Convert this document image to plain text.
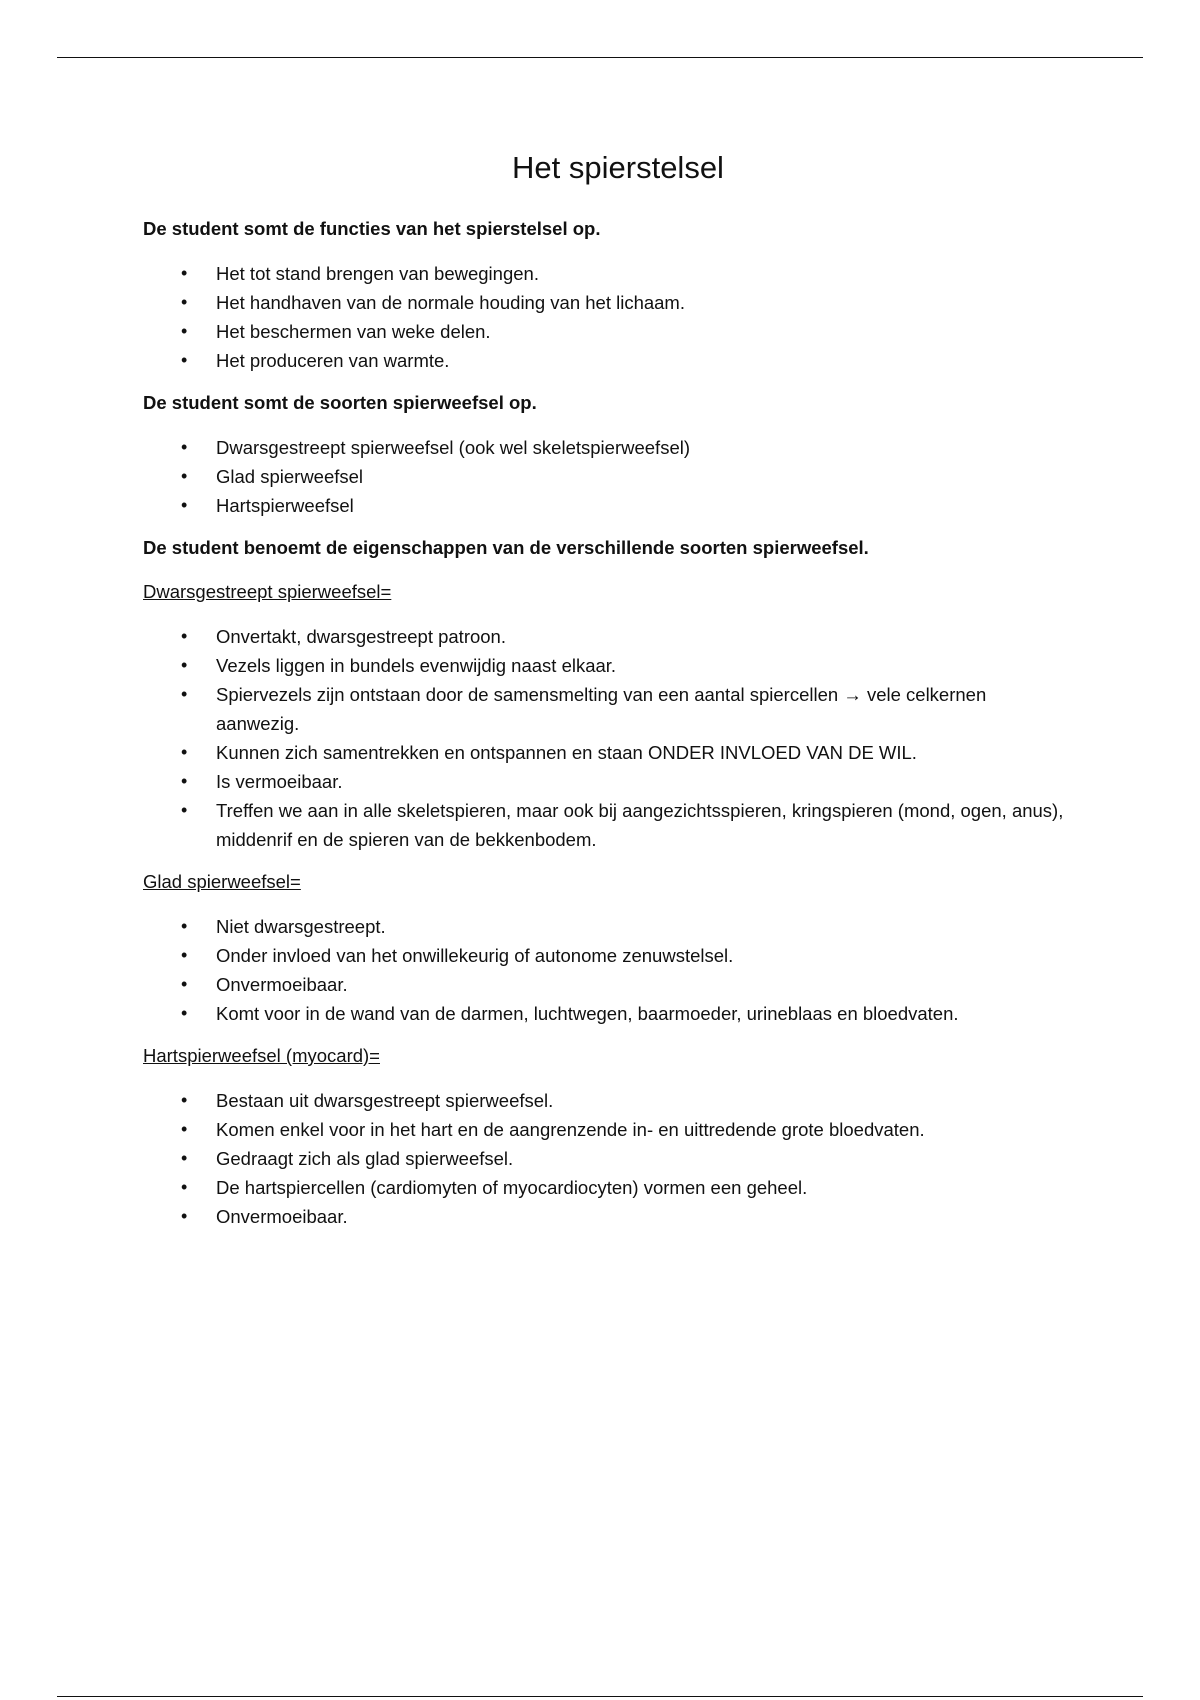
Het spierstelsel
De student somt de functies van het spierstelsel op.
• Het tot stand brengen van bewegingen.
• Het handhaven van de normale houding van het lichaam.
• Het beschermen van weke delen.
• Het produceren van warmte.
De student somt de soorten spierweefsel op.
• Dwarsgestreept spierweefsel (ook wel skeletspierweefsel)
• Glad spierweefsel
• Hartspierweefsel
De student benoemt de eigenschappen van de verschillende soorten spierweefsel.
Dwarsgestreept spierweefsel=
• Onvertakt, dwarsgestreept patroon.
• Vezels liggen in bundels evenwijdig naast elkaar.
• Spiervezels zijn ontstaan door de samensmelting van een aantal spiercellen → vele celkernen aanwezig.
• Kunnen zich samentrekken en ontspannen en staan ONDER INVLOED VAN DE WIL.
• Is vermoeibaar.
• Treffen we aan in alle skeletspieren, maar ook bij aangezichtsspieren, kringspieren (mond, ogen, anus), middenrif en de spieren van de bekkenbodem.
Glad spierweefsel=
• Niet dwarsgestreept.
• Onder invloed van het onwillekeurig of autonome zenuwstelsel.
• Onvermoeibaar.
• Komt voor in de wand van de darmen, luchtwegen, baarmoeder, urineblaas en bloedvaten.
Hartspierweefsel (myocard)=
• Bestaan uit dwarsgestreept spierweefsel.
• Komen enkel voor in het hart en de aangrenzende in- en uittredende grote bloedvaten.
• Gedraagt zich als glad spierweefsel.
• De hartspiercellen (cardiomyten of myocardiocyten) vormen een geheel.
• Onvermoeibaar.
